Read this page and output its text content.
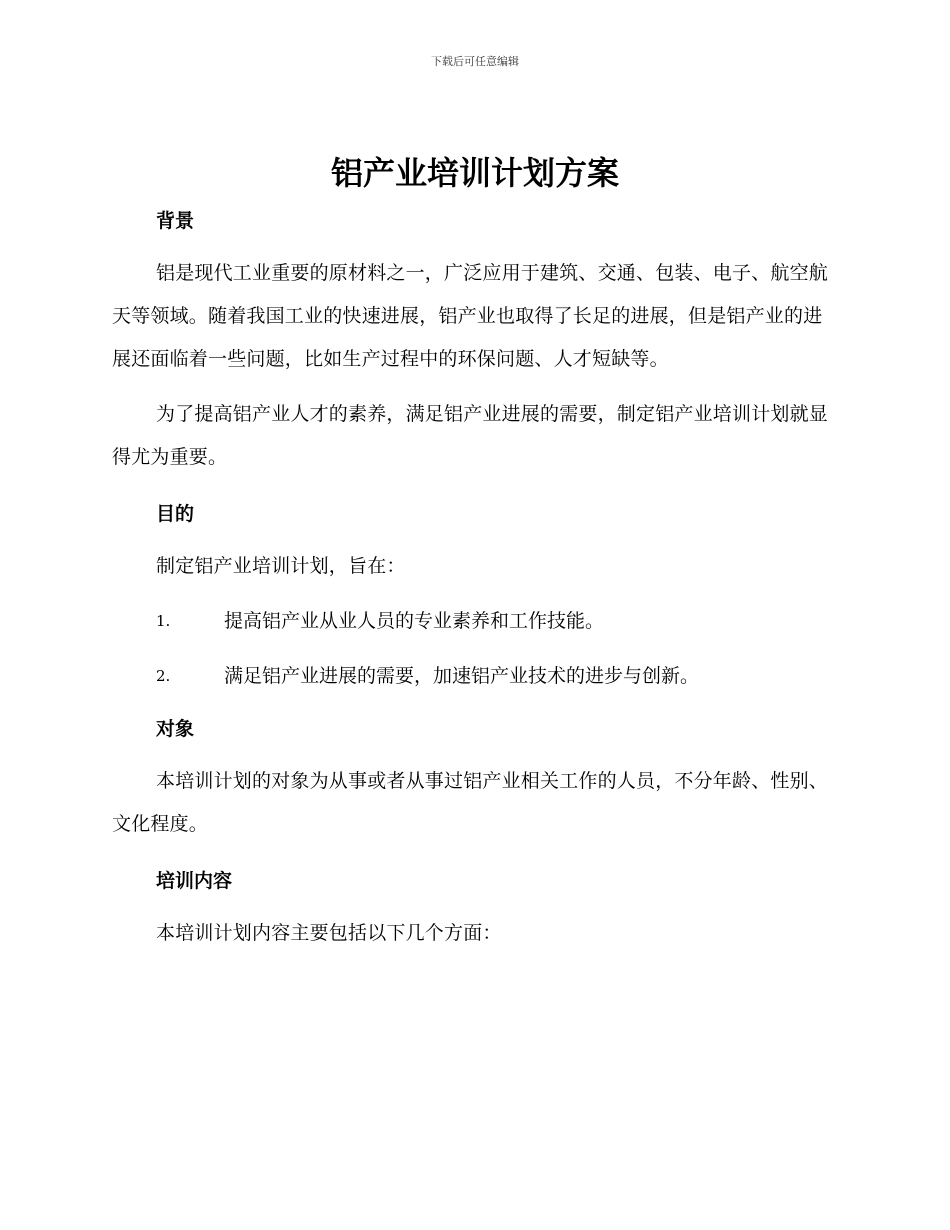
下载后可任意编辑
铝产业培训计划方案
背景

铝是现代工业重要的原材料之一，广泛应用于建筑、交通、包装、电子、航空航天等领域。随着我国工业的快速进展，铝产业也取得了长足的进展，但是铝产业的进展还面临着一些问题，比如生产过程中的环保问题、人才短缺等。

为了提高铝产业人才的素养，满足铝产业进展的需要，制定铝产业培训计划就显得尤为重要。

目的

制定铝产业培训计划，旨在：

1.	提高铝产业从业人员的专业素养和工作技能。
2.	满足铝产业进展的需要，加速铝产业技术的进步与创新。
对象

本培训计划的对象为从事或者从事过铝产业相关工作的人员，不分年龄、性别、文化程度。

培训内容

本培训计划内容主要包括以下几个方面：
